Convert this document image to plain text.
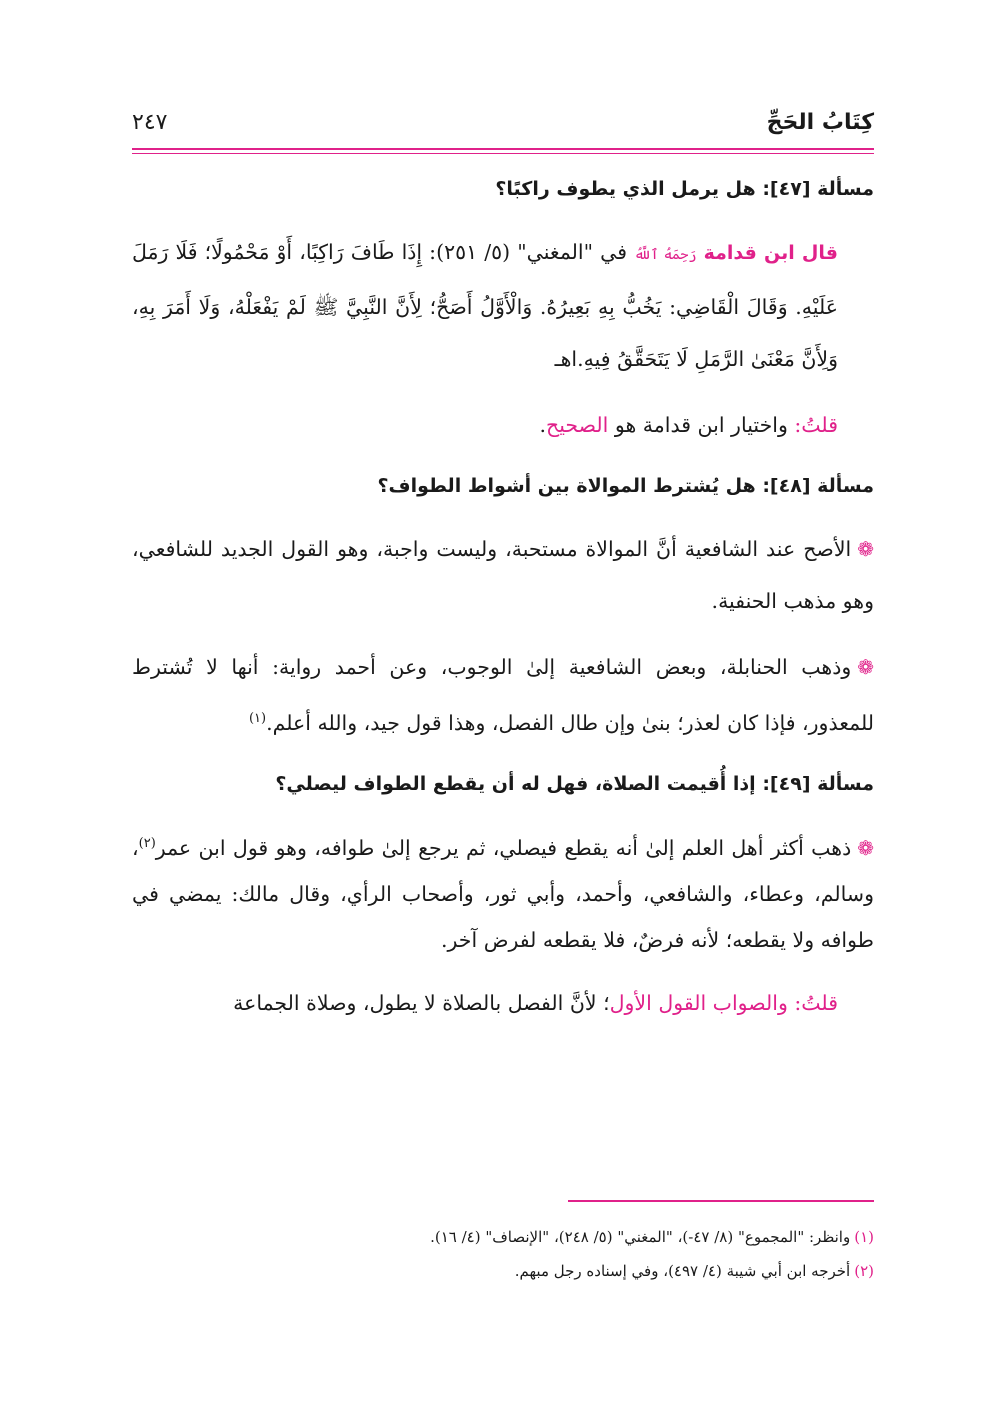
كِتَابُ الحَجِّ
٢٤٧
مسألة [٤٧]: هل يرمل الذي يطوف راكبًا؟
قال ابن قدامة رَحِمَهُ ٱللَّهُ في "المغني" (٥/ ٢٥١): إِذَا طَافَ رَاكِبًا، أَوْ مَحْمُولًا؛ فَلَا رَمَلَ عَلَيْهِ. وَقَالَ الْقَاضِي: يَخُبُّ بِهِ بَعِيرُهُ. وَالْأَوَّلُ أَصَحُّ؛ لِأَنَّ النَّبِيَّ ﷺ لَمْ يَفْعَلْهُ، وَلَا أَمَرَ بِهِ، وَلِأَنَّ مَعْنَىٰ الرَّمَلِ لَا يَتَحَقَّقُ فِيهِ.اهـ
قلتُ: واختيار ابن قدامة هو الصحيح.
مسألة [٤٨]: هل يُشترط الموالاة بين أشواط الطواف؟
❁الأصح عند الشافعية أنَّ الموالاة مستحبة، وليست واجبة، وهو القول الجديد للشافعي، وهو مذهب الحنفية.
❁وذهب الحنابلة، وبعض الشافعية إلىٰ الوجوب، وعن أحمد رواية: أنها لا تُشترط للمعذور، فإذا كان لعذر؛ بنىٰ وإن طال الفصل، وهذا قول جيد، والله أعلم.$^{(١)}$
مسألة [٤٩]: إذا أُقيمت الصلاة، فهل له أن يقطع الطواف ليصلي؟
❁ذهب أكثر أهل العلم إلىٰ أنه يقطع فيصلي، ثم يرجع إلىٰ طوافه، وهو قول ابن عمر$^{(٢)}$، وسالم، وعطاء، والشافعي، وأحمد، وأبي ثور، وأصحاب الرأي، وقال مالك: يمضي في طوافه ولا يقطعه؛ لأنه فرضٌ، فلا يقطعه لفرض آخر.
قلتُ: والصواب القول الأول؛ لأنَّ الفصل بالصلاة لا يطول، وصلاة الجماعة
(١)وانظر: "المجموع" (٨/ ٤٧-)، "المغني" (٥/ ٢٤٨)، "الإنصاف" (٤/ ١٦).
(٢)أخرجه ابن أبي شيبة (٤/ ٤٩٧)، وفي إسناده رجل مبهم.
